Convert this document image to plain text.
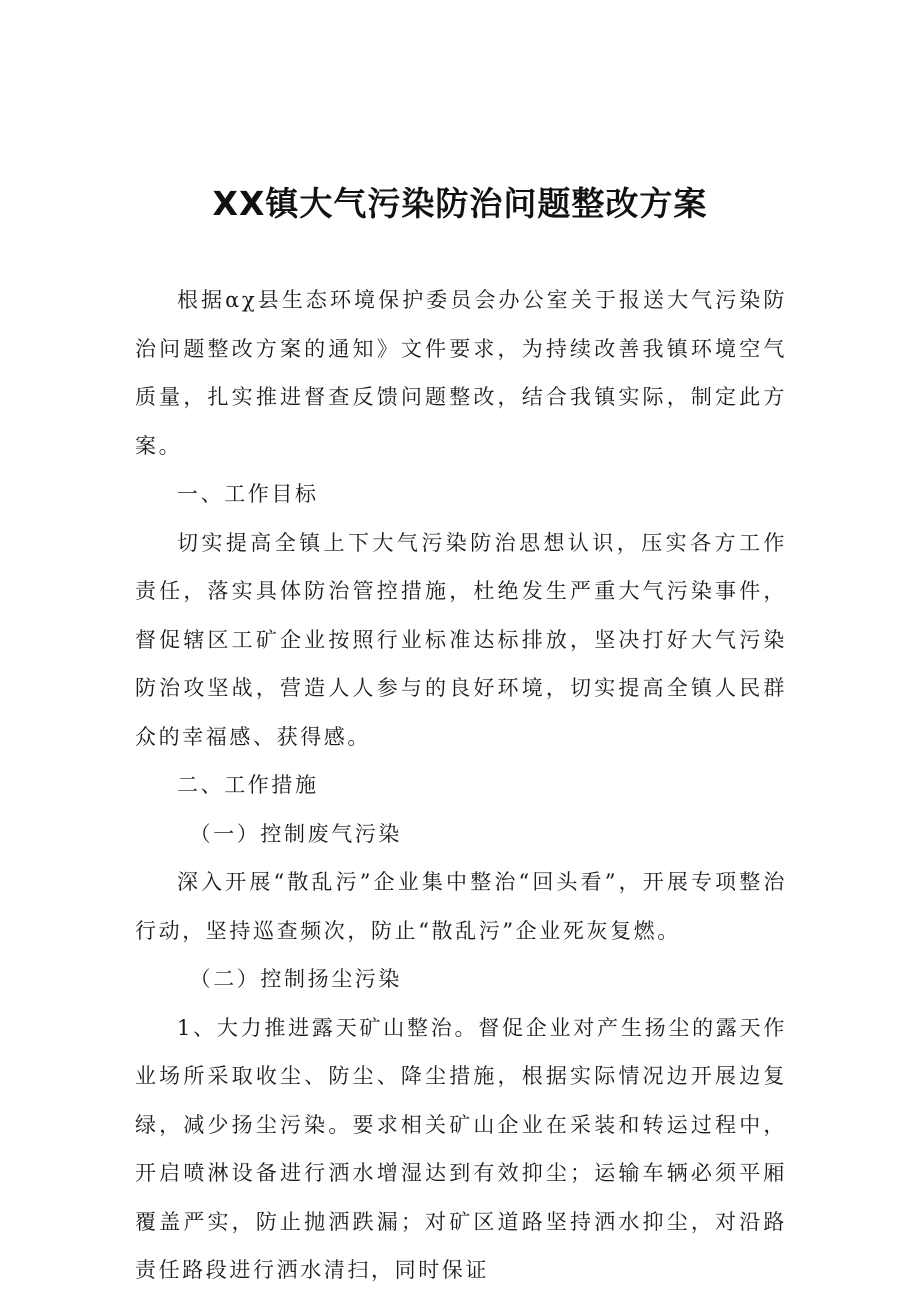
XX镇大气污染防治问题整改方案

根据αχ县生态环境保护委员会办公室关于报送大气污染防治问题整改方案的通知》文件要求，为持续改善我镇环境空气质量，扎实推进督查反馈问题整改，结合我镇实际，制定此方案。

一、工作目标

切实提高全镇上下大气污染防治思想认识，压实各方工作责任，落实具体防治管控措施，杜绝发生严重大气污染事件，督促辖区工矿企业按照行业标准达标排放，坚决打好大气污染防治攻坚战，营造人人参与的良好环境，切实提高全镇人民群众的幸福感、获得感。

二、工作措施

（一）控制废气污染

深入开展“散乱污”企业集中整治“回头看”，开展专项整治行动，坚持巡查频次，防止“散乱污”企业死灰复燃。

（二）控制扬尘污染

1、大力推进露天矿山整治。督促企业对产生扬尘的露天作业场所采取收尘、防尘、降尘措施，根据实际情况边开展边复绿，减少扬尘污染。要求相关矿山企业在采装和转运过程中，开启喷淋设备进行洒水增湿达到有效抑尘；运输车辆必须平厢覆盖严实，防止抛洒跌漏；对矿区道路坚持洒水抑尘，对沿路责任路段进行洒水清扫，同时保证
